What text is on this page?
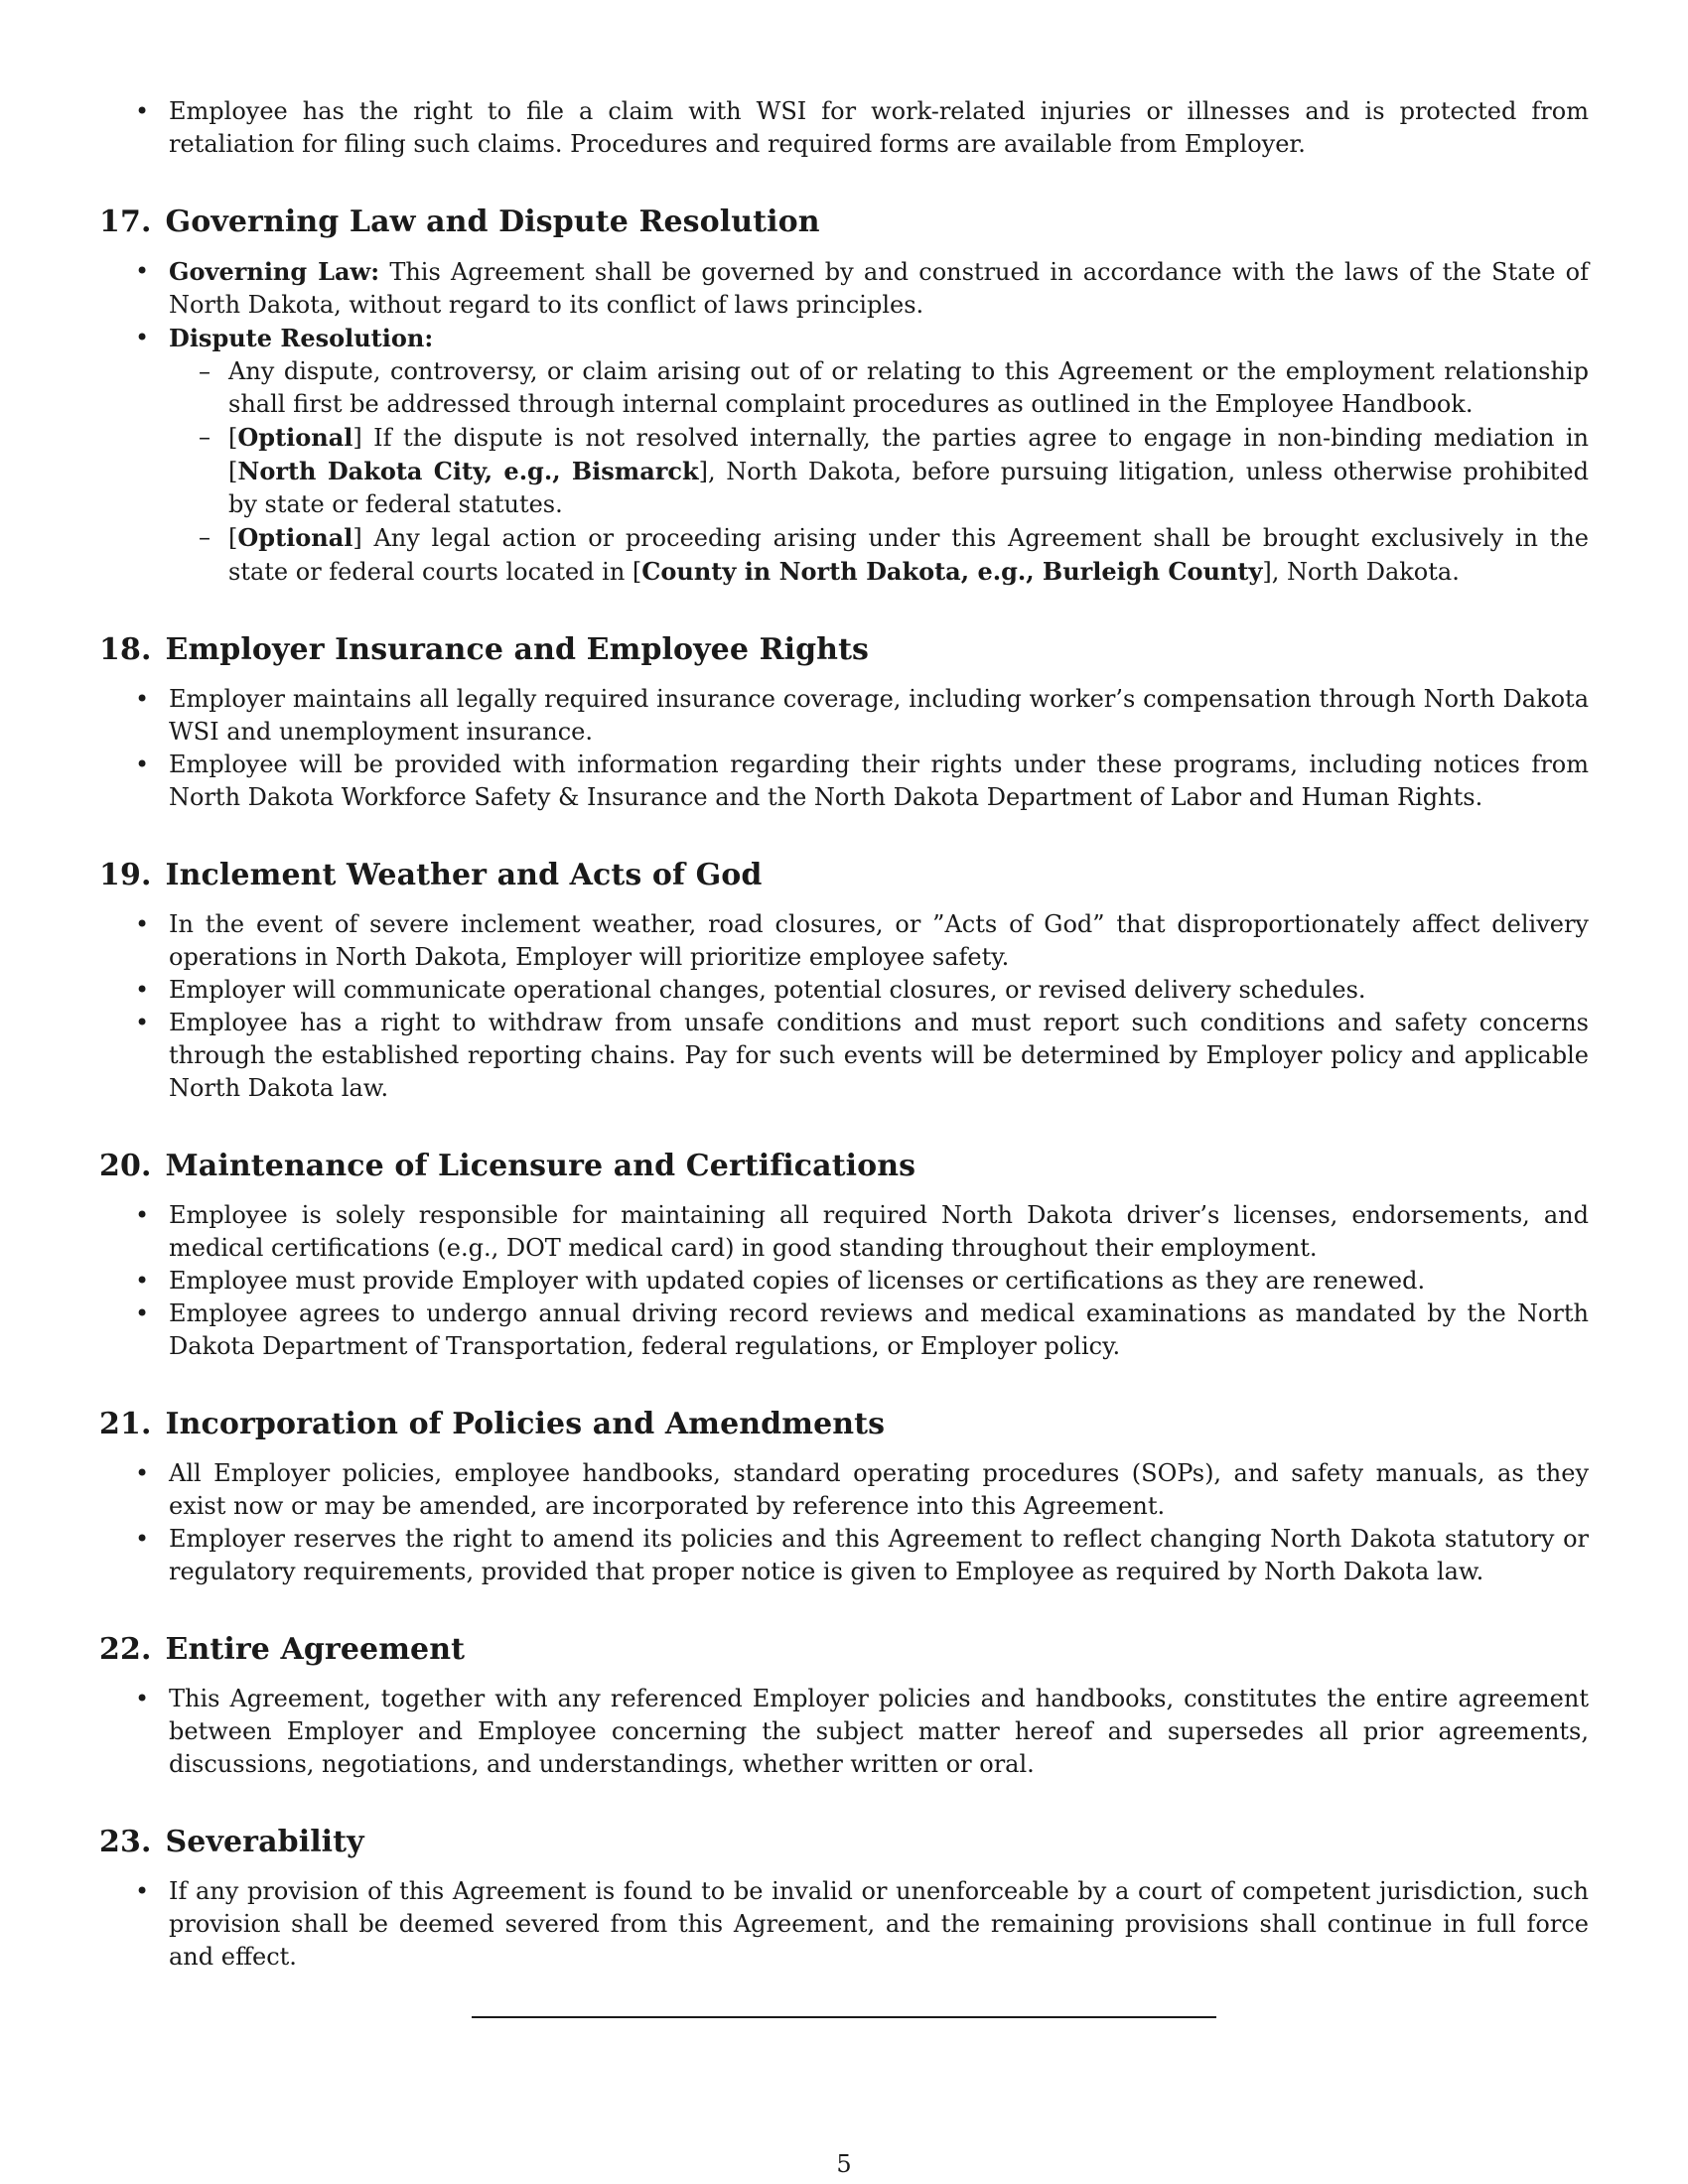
• Employee has the right to file a claim with WSI for work-related injuries or illnesses and is protected from retaliation for filing such claims. Procedures and required forms are available from Employer.
17. Governing Law and Dispute Resolution
• Governing Law: This Agreement shall be governed by and construed in accordance with the laws of the State of North Dakota, without regard to its conflict of laws principles.
• Dispute Resolution:
– Any dispute, controversy, or claim arising out of or relating to this Agreement or the employment relationship shall first be addressed through internal complaint procedures as outlined in the Employee Handbook.
– [Optional] If the dispute is not resolved internally, the parties agree to engage in non-binding mediation in [North Dakota City, e.g., Bismarck], North Dakota, before pursuing litigation, unless otherwise prohibited by state or federal statutes.
– [Optional] Any legal action or proceeding arising under this Agreement shall be brought exclusively in the state or federal courts located in [County in North Dakota, e.g., Burleigh County], North Dakota.
18. Employer Insurance and Employee Rights
• Employer maintains all legally required insurance coverage, including worker’s compensation through North Dakota WSI and unemployment insurance.
• Employee will be provided with information regarding their rights under these programs, including notices from North Dakota Workforce Safety & Insurance and the North Dakota Department of Labor and Human Rights.
19. Inclement Weather and Acts of God
• In the event of severe inclement weather, road closures, or ”Acts of God” that disproportionately affect delivery operations in North Dakota, Employer will prioritize employee safety.
• Employer will communicate operational changes, potential closures, or revised delivery schedules.
• Employee has a right to withdraw from unsafe conditions and must report such conditions and safety concerns through the established reporting chains. Pay for such events will be determined by Employer policy and applicable North Dakota law.
20. Maintenance of Licensure and Certifications
• Employee is solely responsible for maintaining all required North Dakota driver’s licenses, endorsements, and medical certifications (e.g., DOT medical card) in good standing throughout their employment.
• Employee must provide Employer with updated copies of licenses or certifications as they are renewed.
• Employee agrees to undergo annual driving record reviews and medical examinations as mandated by the North Dakota Department of Transportation, federal regulations, or Employer policy.
21. Incorporation of Policies and Amendments
• All Employer policies, employee handbooks, standard operating procedures (SOPs), and safety manuals, as they exist now or may be amended, are incorporated by reference into this Agreement.
• Employer reserves the right to amend its policies and this Agreement to reflect changing North Dakota statutory or regulatory requirements, provided that proper notice is given to Employee as required by North Dakota law.
22. Entire Agreement
• This Agreement, together with any referenced Employer policies and handbooks, constitutes the entire agreement between Employer and Employee concerning the subject matter hereof and supersedes all prior agreements, discussions, negotiations, and understandings, whether written or oral.
23. Severability
• If any provision of this Agreement is found to be invalid or unenforceable by a court of competent jurisdiction, such provision shall be deemed severed from this Agreement, and the remaining provisions shall continue in full force and effect.
5
